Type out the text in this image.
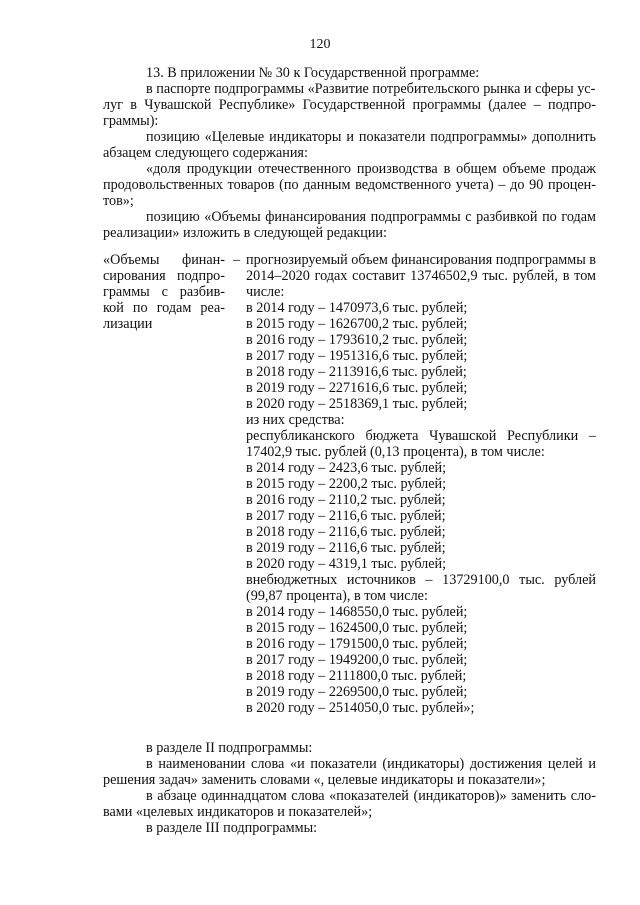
120
13. В приложении № 30 к Государственной программе:
в паспорте подпрограммы «Развитие потребительского рынка и сферы ус-
луг в Чувашской Республике» Государственной программы (далее – подпро-
граммы):
позицию «Целевые индикаторы и показатели подпрограммы» дополнить
абзацем следующего содержания:
«доля продукции отечественного производства в общем объеме продаж
продовольственных товаров (по данным ведомственного учета) – до 90 процен-
тов»;
позицию «Объемы финансирования подпрограммы с разбивкой по годам
реализации» изложить в следующей редакции:
«Объемы финан-
сирования подпро-
граммы с разбив-
кой по годам реа-
лизации
– прогнозируемый объем финансирования подпрограммы в
2014–2020 годах составит 13746502,9 тыс. рублей, в том
числе:
в 2014 году – 1470973,6 тыс. рублей;
в 2015 году – 1626700,2 тыс. рублей;
в 2016 году – 1793610,2 тыс. рублей;
в 2017 году – 1951316,6 тыс. рублей;
в 2018 году – 2113916,6 тыс. рублей;
в 2019 году – 2271616,6 тыс. рублей;
в 2020 году – 2518369,1 тыс. рублей;
из них средства:
республиканского бюджета Чувашской Республики –
17402,9 тыс. рублей (0,13 процента), в том числе:
в 2014 году – 2423,6 тыс. рублей;
в 2015 году – 2200,2 тыс. рублей;
в 2016 году – 2110,2 тыс. рублей;
в 2017 году – 2116,6 тыс. рублей;
в 2018 году – 2116,6 тыс. рублей;
в 2019 году – 2116,6 тыс. рублей;
в 2020 году – 4319,1 тыс. рублей;
внебюджетных источников – 13729100,0 тыс. рублей
(99,87 процента), в том числе:
в 2014 году – 1468550,0 тыс. рублей;
в 2015 году – 1624500,0 тыс. рублей;
в 2016 году – 1791500,0 тыс. рублей;
в 2017 году – 1949200,0 тыс. рублей;
в 2018 году – 2111800,0 тыс. рублей;
в 2019 году – 2269500,0 тыс. рублей;
в 2020 году – 2514050,0 тыс. рублей»;
в разделе II подпрограммы:
в наименовании слова «и показатели (индикаторы) достижения целей и
решения задач» заменить словами «, целевые индикаторы и показатели»;
в абзаце одиннадцатом слова «показателей (индикаторов)» заменить сло-
вами «целевых индикаторов и показателей»;
в разделе III подпрограммы:
